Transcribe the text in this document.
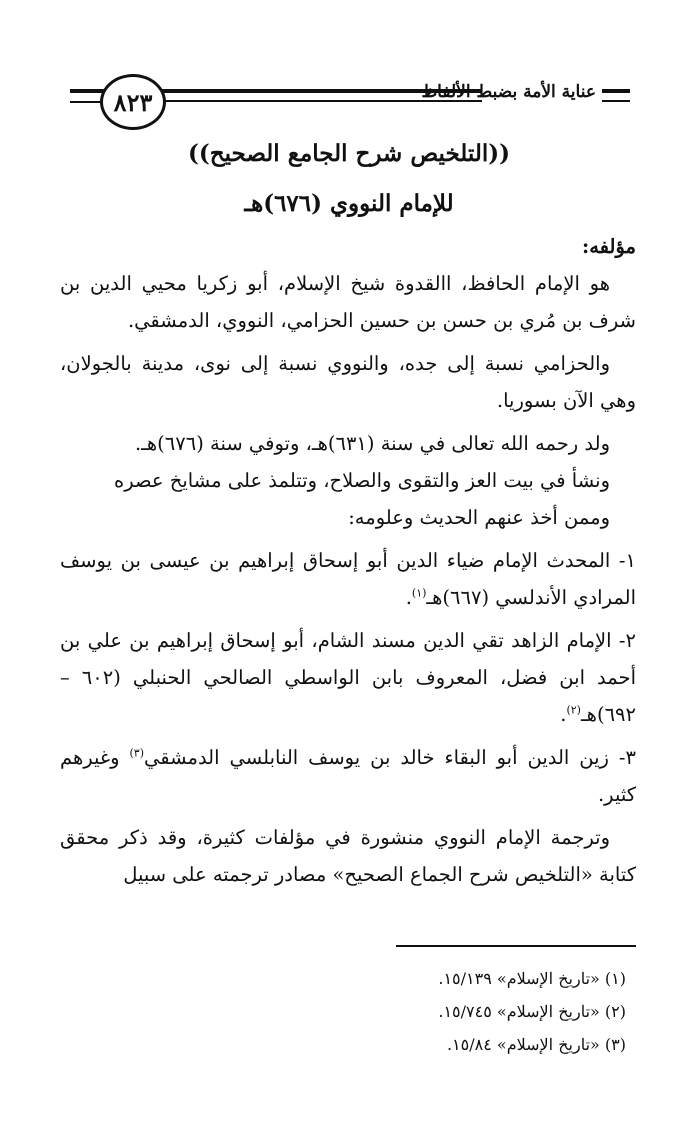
٨٢٣	عناية الأمة بضبط الألفاظ
((التلخيص شرح الجامع الصحيح))
للإمام النووي (٦٧٦)هـ

مؤلفه:

هو الإمام الحافظ، االقدوة شيخ الإسلام، أبو زكريا محيي الدين بن شرف بن مُري بن حسن بن حسين الحزامي، النووي، الدمشقي.

والحزامي نسبة إلى جده، والنووي نسبة إلى نوى، مدينة بالجولان، وهي الآن بسوريا.

ولد رحمه الله تعالى في سنة (٦٣١)هـ، وتوفي سنة (٦٧٦)هـ.

ونشأ في بيت العز والتقوى والصلاح، وتتلمذ على مشايخ عصره

وممن أخذ عنهم الحديث وعلومه:

١- المحدث الإمام ضياء الدين أبو إسحاق إبراهيم بن عيسى بن يوسف المرادي الأندلسي (٦٦٧)هـ$^{(١)}$.

٢- الإمام الزاهد تقي الدين مسند الشام، أبو إسحاق إبراهيم بن علي بن أحمد ابن فضل، المعروف بابن الواسطي الصالحي الحنبلي (٦٠٢ – ٦٩٢)هـ$^{(٢)}$.

٣- زين الدين أبو البقاء خالد بن يوسف النابلسي الدمشقي$^{(٣)}$ وغيرهم كثير.

وترجمة الإمام النووي منشورة في مؤلفات كثيرة، وقد ذكر محقق كتابة «التلخيص شرح الجماع الصحيح» مصادر ترجمته على سبيل

(١) «تاريخ الإسلام» ١٥/١٣٩.

(٢) «تاريخ الإسلام» ١٥/٧٤٥.

(٣) «تاريخ الإسلام» ١٥/٨٤.
